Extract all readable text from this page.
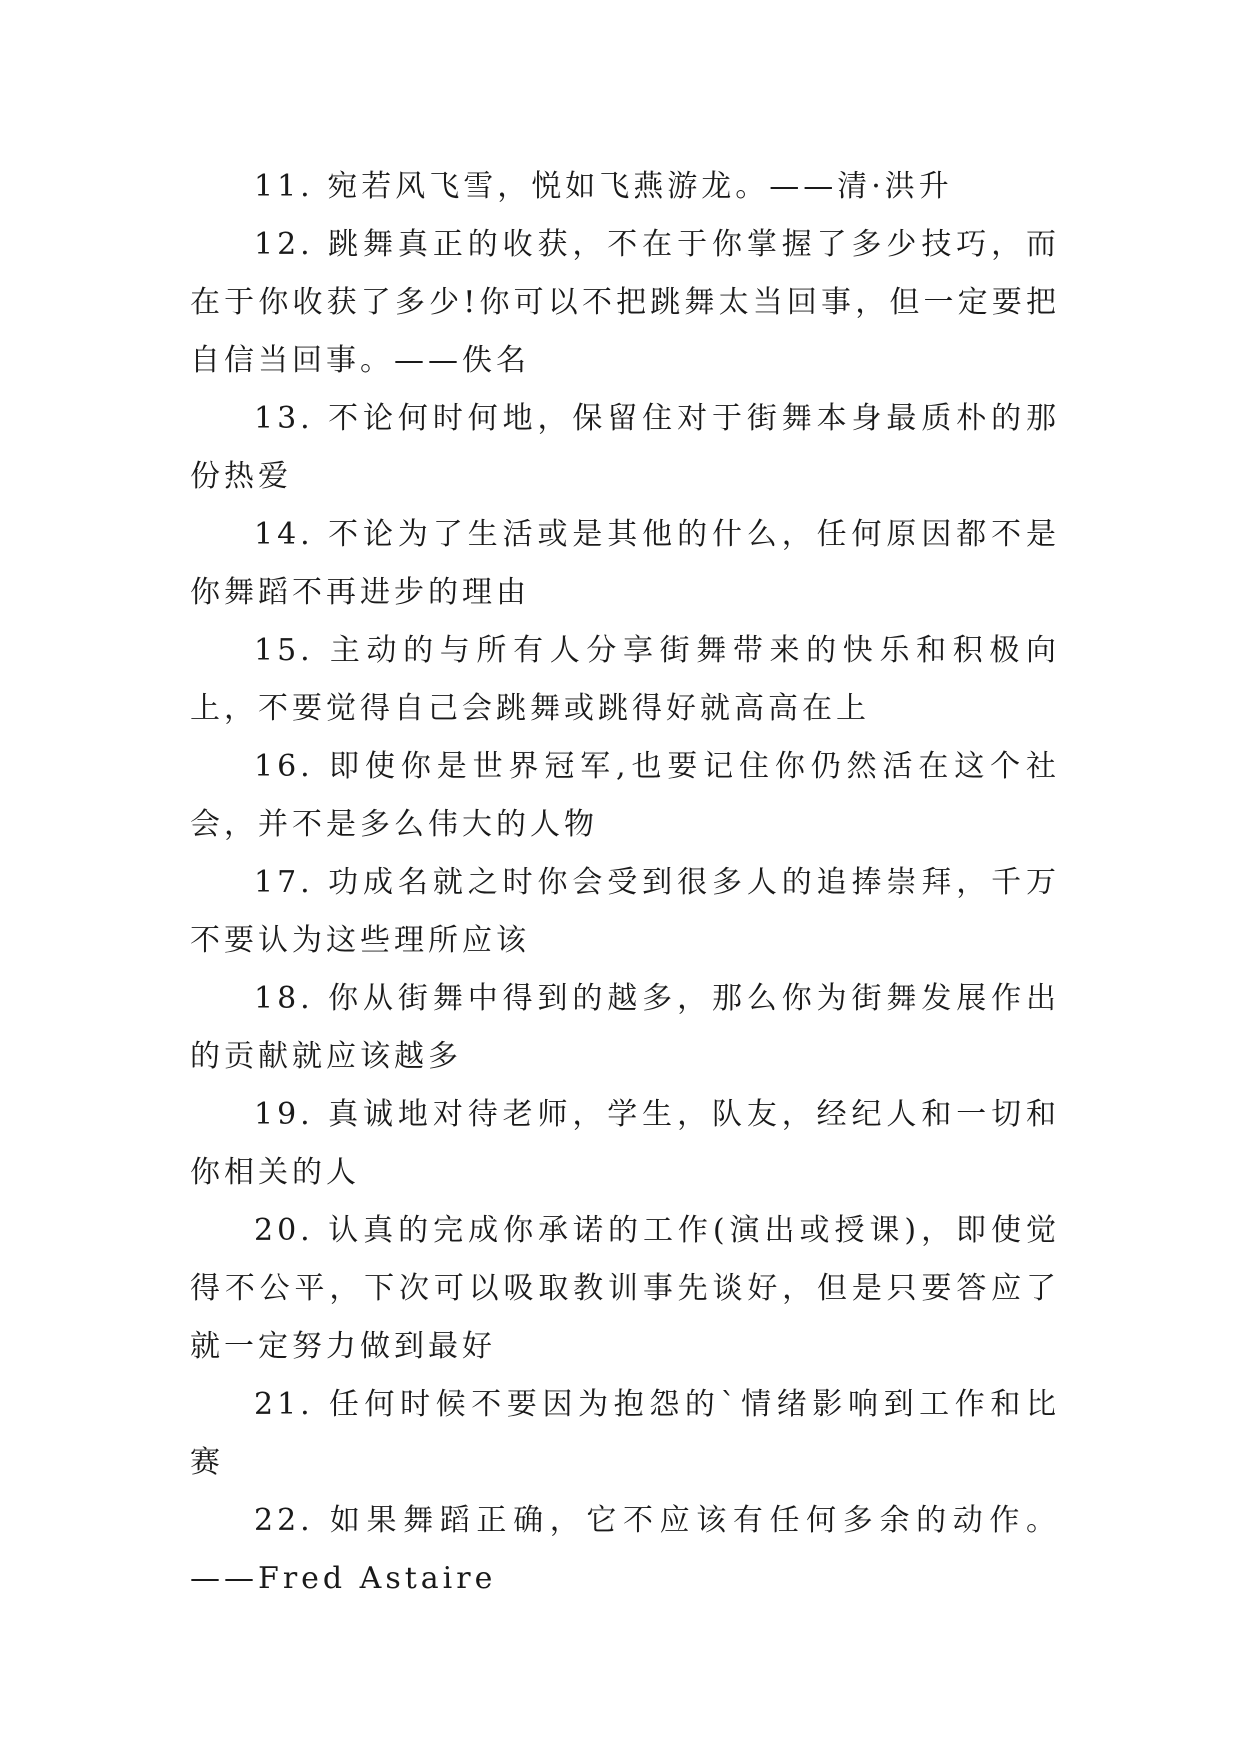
11. 宛若风飞雪，悦如飞燕游龙。——清·洪升

12. 跳舞真正的收获，不在于你掌握了多少技巧，而在于你收获了多少!你可以不把跳舞太当回事，但一定要把自信当回事。——佚名

13. 不论何时何地，保留住对于街舞本身最质朴的那份热爱

14. 不论为了生活或是其他的什么，任何原因都不是你舞蹈不再进步的理由

15. 主动的与所有人分享街舞带来的快乐和积极向上，不要觉得自己会跳舞或跳得好就高高在上

16. 即使你是世界冠军,也要记住你仍然活在这个社会，并不是多么伟大的人物

17. 功成名就之时你会受到很多人的追捧崇拜，千万不要认为这些理所应该

18. 你从街舞中得到的越多，那么你为街舞发展作出的贡献就应该越多

19. 真诚地对待老师，学生，队友，经纪人和一切和你相关的人

20. 认真的完成你承诺的工作(演出或授课)，即使觉得不公平，下次可以吸取教训事先谈好，但是只要答应了就一定努力做到最好

21. 任何时候不要因为抱怨的`情绪影响到工作和比赛

22. 如果舞蹈正确，它不应该有任何多余的动作。——Fred Astaire
